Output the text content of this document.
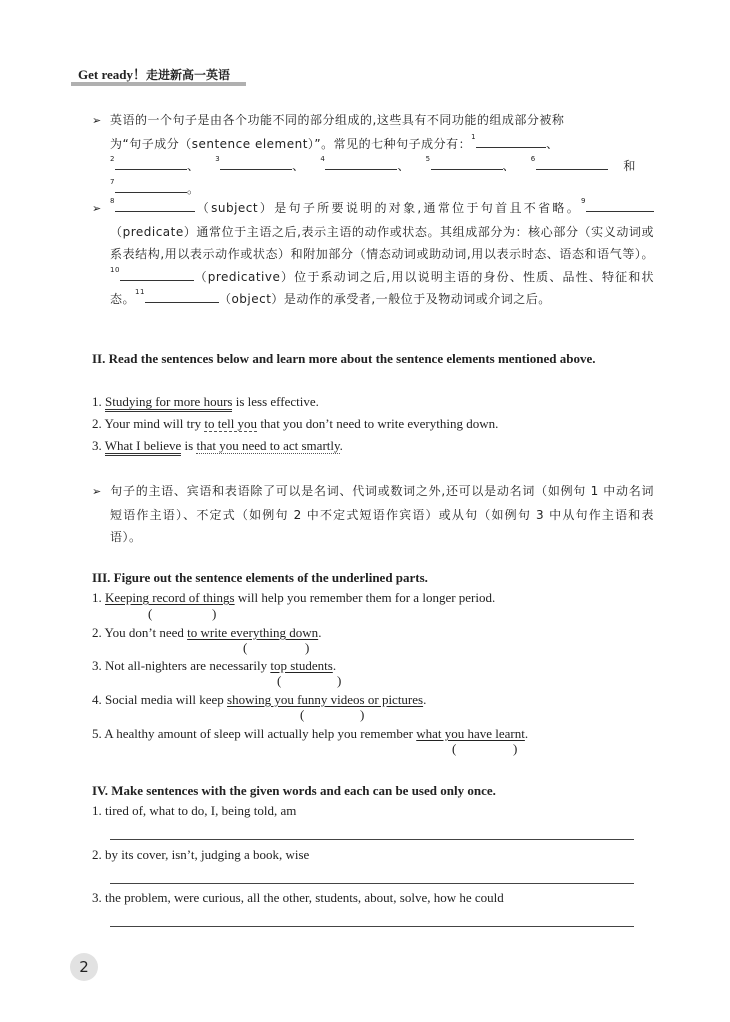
Get ready！走进新高一英语
➢ 英语的一个句子是由各个功能不同的部分组成的,这些具有不同功能的组成部分被称
为“句子成分（sentence element）”。常见的七种句子成分有：$^1$	、
$^2$	、 $^3$	、 $^4$	、 $^5$	、 $^6$	和
$^7$	。
➢$^8$	（subject）是句子所要说明的对象,通常位于句首且不省略。$^9$（predicate）通常位于主语之后,表示主语的动作或状态。其组成部分为：核心部分（实义动词或系表结构,用以表示动作或状态）和附加部分（情态动词或助动词,用以表示时态、语态和语气等）。$^{10}$	（predicative）位于系动词之后,用以说明主语的身份、性质、品性、特征和状态。$^{11}$	（object）是动作的承受者,一般位于及物动词或介词之后。
II. Read the sentences below and learn more about the sentence elements mentioned above.
1. Studying for more hours is less effective.
2. Your mind will try to tell you that you don’t need to write everything down.
3. What I believe is that you need to act smartly.
➢ 句子的主语、宾语和表语除了可以是名词、代词或数词之外,还可以是动名词（如例句 1 中动名词短语作主语）、不定式（如例句 2 中不定式短语作宾语）或从句（如例句 3 中从句作主语和表语）。
III. Figure out the sentence elements of the underlined parts.
1. Keeping record of things will help you remember them for a longer period.
(	)
2. You don’t need to write everything down.
(	)
3. Not all-nighters are necessarily top students.
(	)
4. Social media will keep showing you funny videos or pictures.
(	)
5. A healthy amount of sleep will actually help you remember what you have learnt.
(	)
IV. Make sentences with the given words and each can be used only once.
1. tired of, what to do, I, being told, am
2. by its cover, isn’t, judging a book, wise
3. the problem, were curious, all the other, students, about, solve, how he could
2
